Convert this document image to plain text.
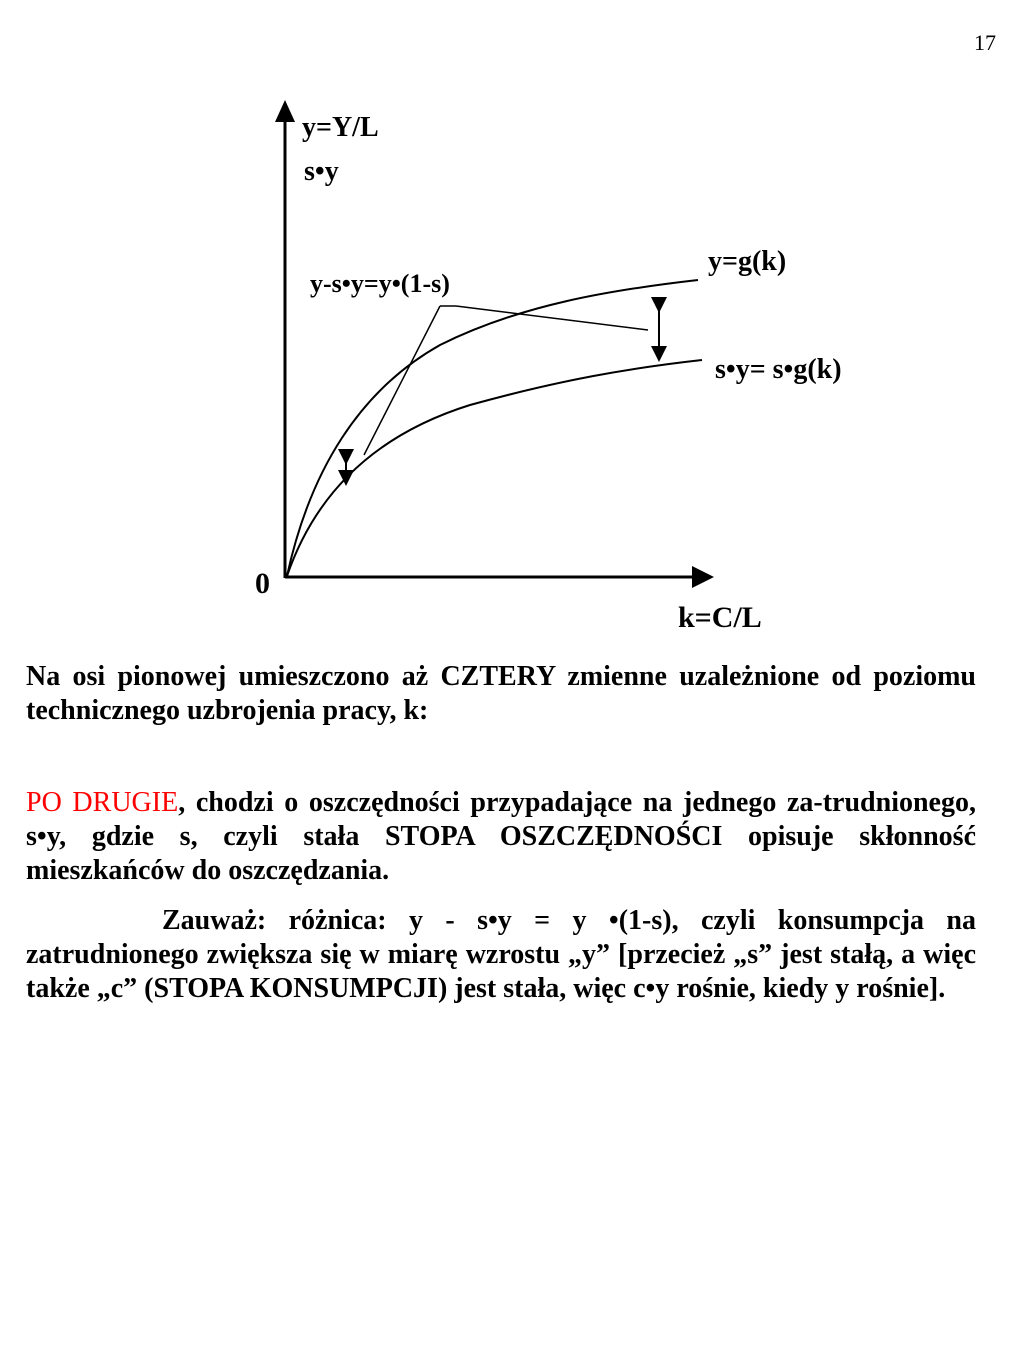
17
y=Y/L
s•y
y=g(k)
s•y= s•g(k)
y-s•y=y•(1-s)
0
k=C/L

Na osi pionowej umieszczono aż CZTERY zmienne uzależnione od poziomu technicznego uzbrojenia pracy, k:

PO DRUGIE, chodzi o oszczędności przypadające na jednego za-trudnionego, s•y, gdzie s, czyli stała STOPA OSZCZĘDNOŚCI opisuje skłonność mieszkańców do oszczędzania.

Zauważ: różnica: y - s•y = y •(1-s), czyli konsumpcja na zatrudnionego zwiększa się w miarę wzrostu „y” [przecież „s” jest stałą, a więc także „c” (STOPA KONSUMPCJI) jest stała, więc c•y rośnie, kiedy y rośnie].
